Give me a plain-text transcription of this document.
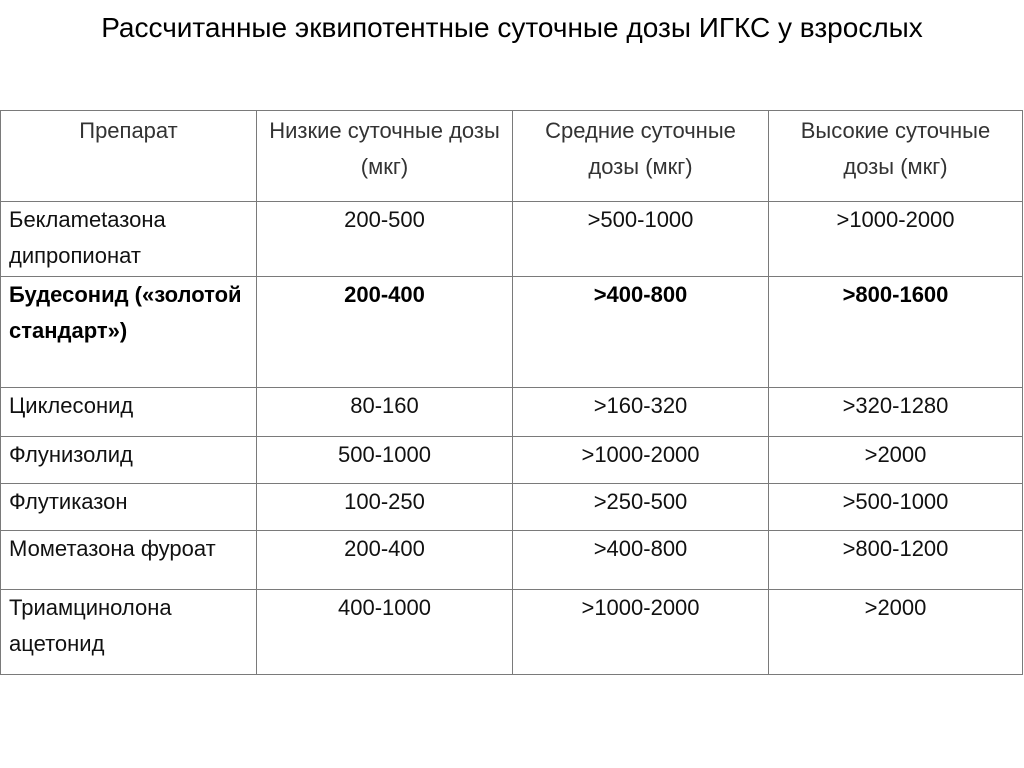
Рассчитанные эквипотентные суточные дозы ИГКС у взрослых
Препарат	Низкие суточные дозы (мкг)	Средние суточные дозы (мкг)	Высокие суточные дозы (мкг)
Беклametазона дипропионат	200-500	>500-1000	>1000-2000
Будесонид («золотой стандарт»)	200-400	>400-800	>800-1600
Циклесонид	80-160	>160-320	>320-1280
Флунизолид	500-1000	>1000-2000	>2000
Флутиказон	100-250	>250-500	>500-1000
Мометазона фуроат	200-400	>400-800	>800-1200
Триамцинолона ацетонид	400-1000	>1000-2000	>2000
